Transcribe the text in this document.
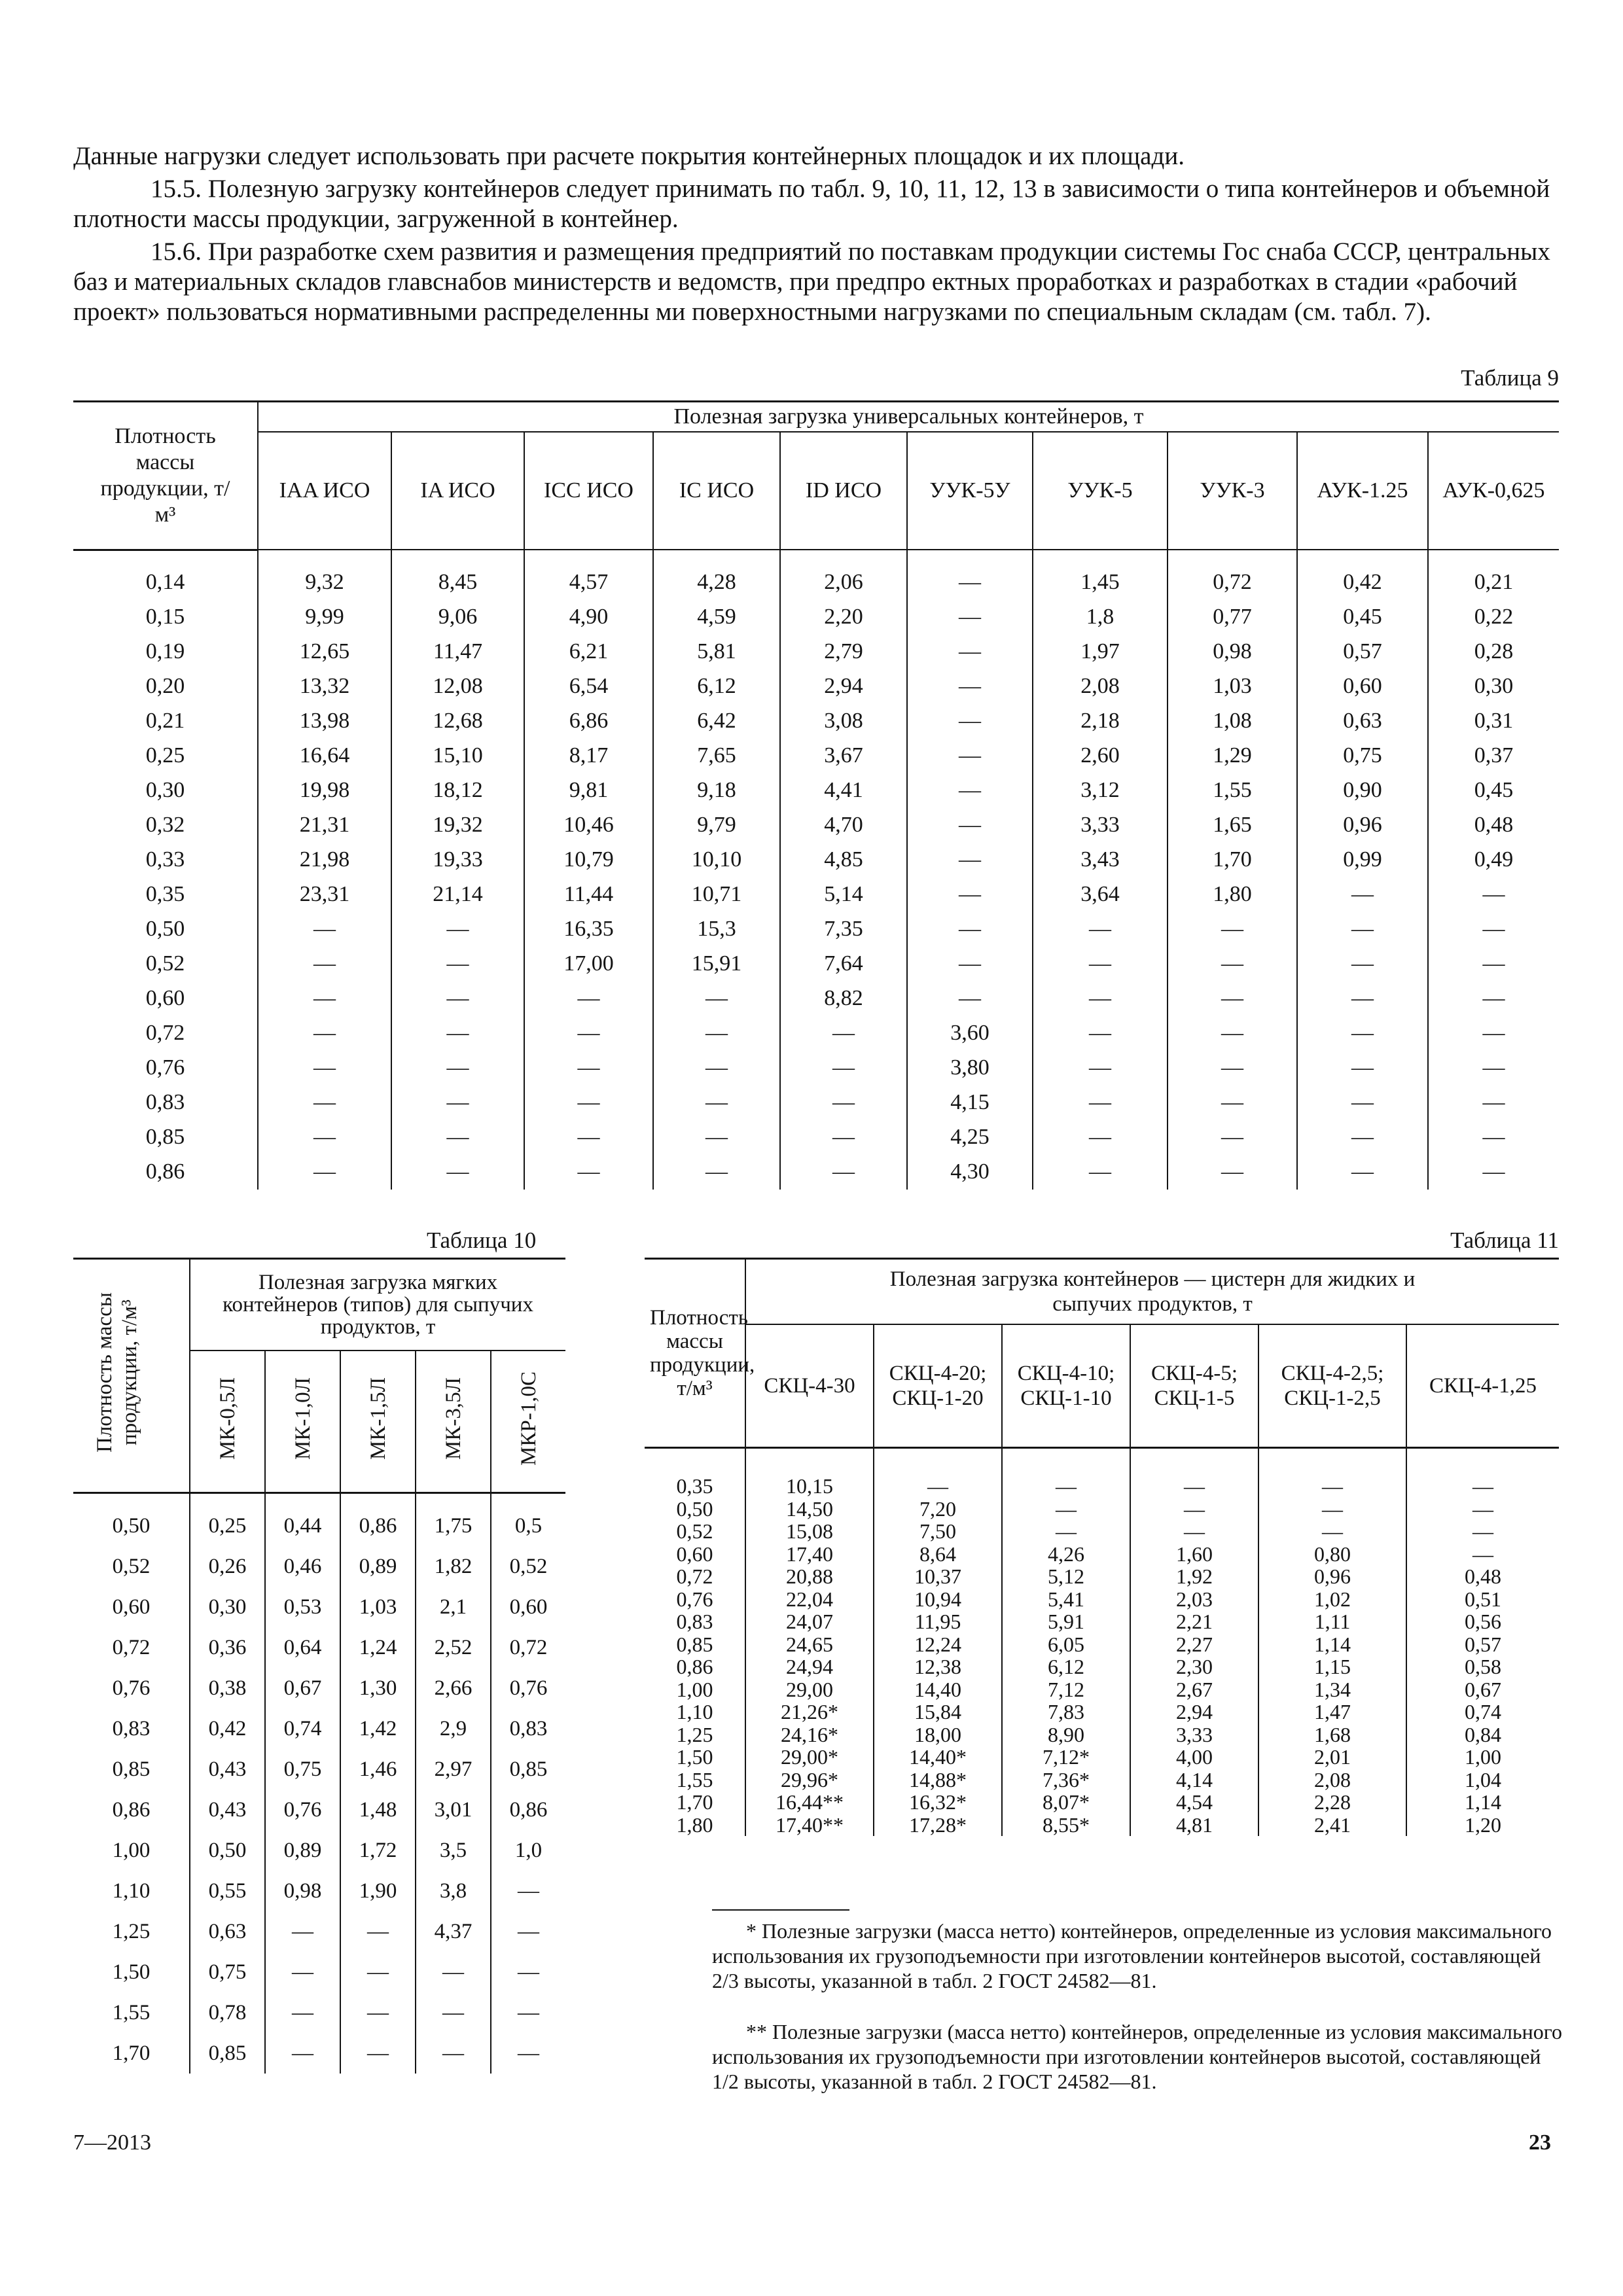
Данные нагрузки следует использовать при расчете покрытия контейнерных площадок и их площади.

15.5. Полезную загрузку контейнеров следует принимать по табл. 9, 10, 11, 12, 13 в зависимости о типа контейнеров и объемной плотности массы продукции, загруженной в контейнер.

15.6. При разработке схем развития и размещения предприятий по поставкам продукции системы Гос снаба СССР, центральных баз и материальных складов главснабов министерств и ведомств, при предпро ектных проработках и разработках в стадии «рабочий проект» пользоваться нормативными распределенны ми поверхностными нагрузками по специальным складам (см. табл. 7).

Таблица 9
Плотность массы продукции, т/м³	Полезная загрузка универсальных контейнеров, т									
	IAA ИСО	IA ИСО	ICC ИСО	IC ИСО	ID ИСО	УУК-5У	УУК-5	УУК-3	АУК-1.25	АУК-0,625

0,14	9,32	8,45	4,57	4,28	2,06	—	1,45	0,72	0,42	0,21
0,15	9,99	9,06	4,90	4,59	2,20	—	1,8	0,77	0,45	0,22
0,19	12,65	11,47	6,21	5,81	2,79	—	1,97	0,98	0,57	0,28
0,20	13,32	12,08	6,54	6,12	2,94	—	2,08	1,03	0,60	0,30
0,21	13,98	12,68	6,86	6,42	3,08	—	2,18	1,08	0,63	0,31
0,25	16,64	15,10	8,17	7,65	3,67	—	2,60	1,29	0,75	0,37
0,30	19,98	18,12	9,81	9,18	4,41	—	3,12	1,55	0,90	0,45
0,32	21,31	19,32	10,46	9,79	4,70	—	3,33	1,65	0,96	0,48
0,33	21,98	19,33	10,79	10,10	4,85	—	3,43	1,70	0,99	0,49
0,35	23,31	21,14	11,44	10,71	5,14	—	3,64	1,80	—	—
0,50	—	—	16,35	15,3	7,35	—	—	—	—	—
0,52	—	—	17,00	15,91	7,64	—	—	—	—	—
0,60	—	—	—	—	8,82	—	—	—	—	—
0,72	—	—	—	—	—	3,60	—	—	—	—
0,76	—	—	—	—	—	3,80	—	—	—	—
0,83	—	—	—	—	—	4,15	—	—	—	—
0,85	—	—	—	—	—	4,25	—	—	—	—
0,86	—	—	—	—	—	4,30	—	—	—	—
Таблица 10
Плотность массы продукции, т/м³	Полезная загрузка мягких контейнеров (типов) для сыпучих продуктов, т				
	МК-0,5Л	МК-1,0Л	МК-1,5Л	МК-3,5Л	МКР-1,0С

0,50	0,25	0,44	0,86	1,75	0,5
0,52	0,26	0,46	0,89	1,82	0,52
0,60	0,30	0,53	1,03	2,1	0,60
0,72	0,36	0,64	1,24	2,52	0,72
0,76	0,38	0,67	1,30	2,66	0,76
0,83	0,42	0,74	1,42	2,9	0,83
0,85	0,43	0,75	1,46	2,97	0,85
0,86	0,43	0,76	1,48	3,01	0,86
1,00	0,50	0,89	1,72	3,5	1,0
1,10	0,55	0,98	1,90	3,8	—
1,25	0,63	—	—	4,37	—
1,50	0,75	—	—	—	—
1,55	0,78	—	—	—	—
1,70	0,85	—	—	—	—
Таблица 11
Плотность массы продукции, т/м³	Полезная загрузка контейнеров — цистерн для жидких и сыпучих продуктов, т					
	СКЦ-4-30	СКЦ-4-20; СКЦ-1-20	СКЦ-4-10; СКЦ-1-10	СКЦ-4-5; СКЦ-1-5	СКЦ-4-2,5; СКЦ-1-2,5	СКЦ-4-1,25

0,35	10,15	—	—	—	—	—
0,50	14,50	7,20	—	—	—	—
0,52	15,08	7,50	—	—	—	—
0,60	17,40	8,64	4,26	1,60	0,80	—
0,72	20,88	10,37	5,12	1,92	0,96	0,48
0,76	22,04	10,94	5,41	2,03	1,02	0,51
0,83	24,07	11,95	5,91	2,21	1,11	0,56
0,85	24,65	12,24	6,05	2,27	1,14	0,57
0,86	24,94	12,38	6,12	2,30	1,15	0,58
1,00	29,00	14,40	7,12	2,67	1,34	0,67
1,10	21,26*	15,84	7,83	2,94	1,47	0,74
1,25	24,16*	18,00	8,90	3,33	1,68	0,84
1,50	29,00*	14,40*	7,12*	4,00	2,01	1,00
1,55	29,96*	14,88*	7,36*	4,14	2,08	1,04
1,70	16,44**	16,32*	8,07*	4,54	2,28	1,14
1,80	17,40**	17,28*	8,55*	4,81	2,41	1,20

* Полезные загрузки (масса нетто) контейнеров, определенные из условия максимального использования их грузоподъемности при изготовлении контейнеров высотой, составляющей 2/3 высоты, указанной в табл. 2 ГОСТ 24582—81.

** Полезные загрузки (масса нетто) контейнеров, определенные из условия максимального использования их грузоподъемности при изготовлении контейнеров высотой, составляющей 1/2 высоты, указанной в табл. 2 ГОСТ 24582—81.

7—2013	23
